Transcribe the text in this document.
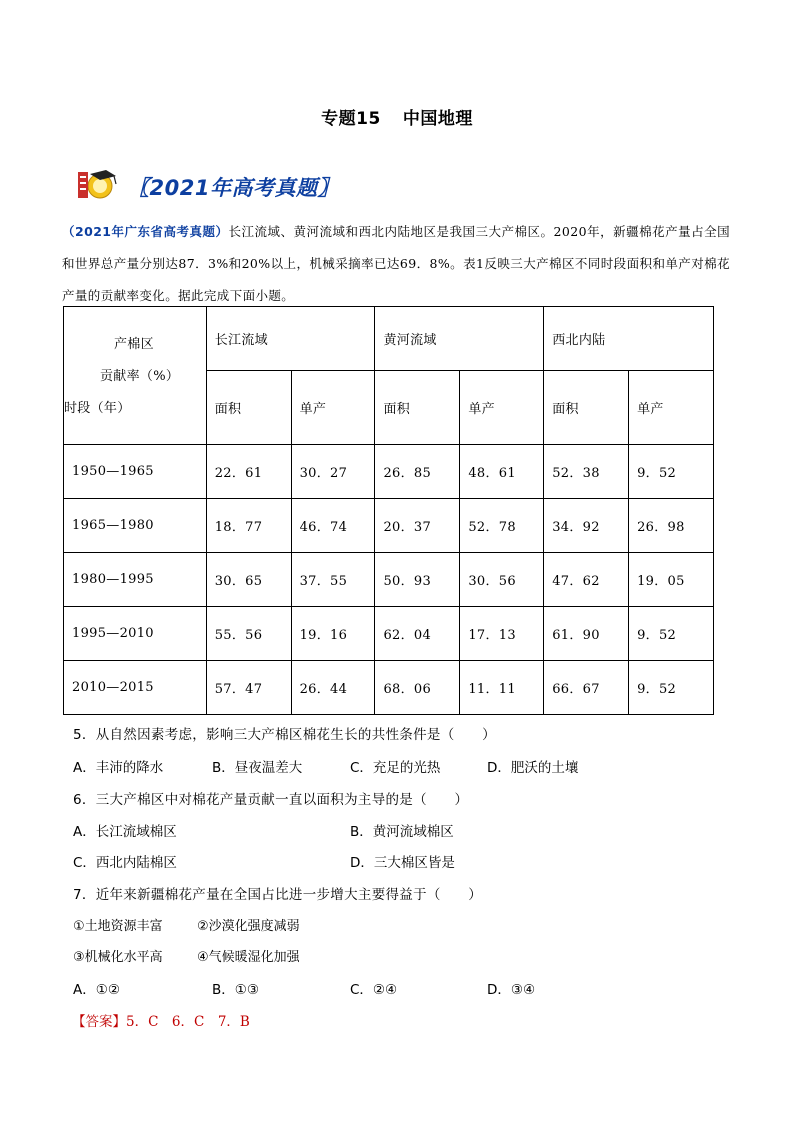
专题15 中国地理
〖2021年高考真题〗
（2021年广东省高考真题）长江流域、黄河流域和西北内陆地区是我国三大产棉区。2020年，新疆棉花产量占全国和世界总产量分别达87．3%和20%以上，机械采摘率已达69．8%。表1反映三大产棉区不同时段面积和单产对棉花产量的贡献率变化。据此完成下面小题。
产棉区
贡献率（%）
时段（年）	长江流域		黄河流域		西北内陆	
	面积	单产	面积	单产	面积	单产
1950—1965	22．61	30．27	26．85	48．61	52．38	9．52
1965—1980	18．77	46．74	20．37	52．78	34．92	26．98
1980—1995	30．65	37．55	50．93	30．56	47．62	19．05
1995—2010	55．56	19．16	62．04	17．13	61．90	9．52
2010—2015	57．47	26．44	68．06	11．11	66．67	9．52
5．从自然因素考虑，影响三大产棉区棉花生长的共性条件是（　　）
A．丰沛的降水	B．昼夜温差大	C．充足的光热	D．肥沃的土壤
6．三大产棉区中对棉花产量贡献一直以面积为主导的是（　　）
A．长江流域棉区	B．黄河流域棉区
C．西北内陆棉区	D．三大棉区皆是
7．近年来新疆棉花产量在全国占比进一步增大主要得益于（　　）
①土地资源丰富	②沙漠化强度减弱
③机械化水平高	④气候暖湿化加强
A．①②	B．①③	C．②④	D．③④
【答案】5．C　6．C　7．B
